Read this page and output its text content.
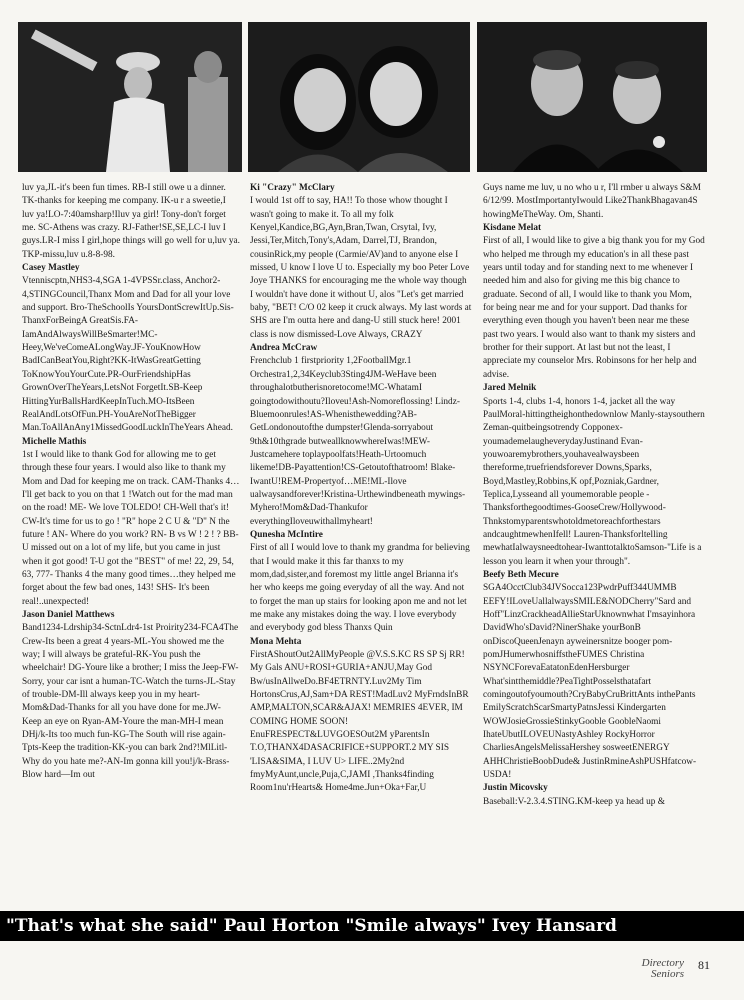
luv ya,JL-it's been fun times. RB-I still owe u a dinner. TK-thanks for keeping me company. IK-u r a sweetie,I luv ya!LO-7:40amsharp!Iluv ya girl! Tony-don't forget me. SC-Athens was crazy. RJ-Father!SE,SE,LC-I luv I guys.LR-I miss I girl,hope things will go well for u,luv ya. TKP-missu,luv u.8-8-98.
Casey Mastley
Vtennisсptn,NHS3-4,SGA 1-4VPSSr.class, Anchor2-4,STINGCouncil,Thanx Mom and Dad for all your love and support. Bro-TheSchoolIs YoursDontScrewItUp.Sis-ThanxForBeingA GreatSis.FA-IamAndAlwaysWillBeSmarter!MC-Heey,We'veComeALongWay.JF-YouKnowHow BadICanBeatYou,Right?KK-ItWasGreatGetting ToKnowYouYourCute.PR-OurFriendshipHas GrownOverTheYears,LetsNot ForgetIt.SB-Keep HittingYurBallsHardKeepInTuch.MO-ItsBeen RealAndLotsOfFun.PH-YouAreNotTheBigger Man.ToAllAnAny1MissedGoodLuckInTheYears Ahead.
Michelle Mathis
1st I would like to thank God for allowing me to get through these four years. I would also like to thank my Mom and Dad for keeping me on track. CAM-Thanks 4…I'll get back to you on that 1 !Watch out for the mad man on the road! ME- We love TOLEDO! CH-Well that's it! CW-It's time for us to go ! "R" hope 2 C U & "D" N the future ! AN- Where do you work? RN- B vs W ! 2 ! ? BB-U missed out on a lot of my life, but you came in just when it got good! T-U got the "BEST" of me! 22, 29, 54, 63, 777- Thanks 4 the many good times…they helped me forget about the few bad ones, 143! SHS- It's been real!..unexpected!
Jason Daniel Matthews
Band1234-Ldrship34-SctnLdr4-1st Proirity234-FCA4The Crew-Its been a great 4 years-ML-You showed me the way; I will always be grateful-RK-You push the wheelchair! DG-Youre like a brother; I miss the Jeep-FW-Sorry, your car isnt a human-TC-Watch the turns-JL-Stay of trouble-DM-Ill always keep you in my heart-Mom&Dad-Thanks for all you have done for me.JW-Keep an eye on Ryan-AM-Youre the man-MH-I mean DHj/k-Its too much fun-KG-The South will rise again-Tpts-Keep the tradition-KK-you can bark 2nd?!MlLitl-Why do you hate me?-AN-Im gonna kill you!j/k-Brass-Blow hard—Im out
Ki "Crazy" McClary
I would 1st off to say, HA!! To those whow thought I wasn't going to make it. To all my folk Kenyel,Kandice,BG,Ayn,Bran,Twan, Crsytal, Ivy, Jessi,Ter,Mitch,Tony's,Adam, Darrel,TJ, Brandon, cousinRick,my people (Carmie/AV)and to anyone else I missed, U know I love U to. Especially my boo Peter Love Joye THANKS for encouraging me the whole way though I wouldn't have done it without U, alos "Let's get married baby, "BET! C/O 02 keep it cruck always. My last words at SHS are I'm outta here and dang-U still stuck here! 2001 class is now dismissed-Love Always, CRAZY
Andrea McCraw
Frenchclub 1 firstpriority 1,2FootballMgr.1 Orchestra1,2,34Keyclub3Sting4JM-WeHave been throughalotbutherisnoretocome!MC-WhatamI goingtodowithoutu?Iloveu!Ash-Nomoreflossing! Lindz-Bluemoonrules!AS-Whenisthewedding?AB-GetLondonoutofthe dumpster!Glenda-sorryabout 9th&10thgrade butweallknowwhereIwas!MEW-Justcamehere toplaypoolfats!Heath-Urtoomuch likeme!DB-Payattention!CS-Getoutofthatroom! Blake-IwantU!REM-Propertyof…ME!ML-Ilove ualwaysandforever!Kristina-Urthewindbeneath mywings-Myhero!Mom&Dad-Thankufor everythingIloveuwithallmyheart!
Qunesha McIntire
First of all I would love to thank my grandma for believing that I would make it this far thanxs to my mom,dad,sister,and foremost my little angel Brianna it's her who keeps me going everyday of all the way. And not to forget the man up stairs for looking apon me and not let me make any mistakes doing the way. I love everybody and everybody god bless Thanxs Quin
Mona Mehta
FirstAShoutOut2AllMyPeople @V.S.S.KC RS SP Sj RR! My Gals ANU+ROSI+GURIA+ANJU,May God Bw/usInAllweDo.BF4ETRNTY.Luv2My Tim HortonsCrus,AJ,Sam+DA REST!MadLuv2 MyFrndsInBR AMP,MALTON,SCAR&AJAX! MEMRIES 4EVER, IM COMING HOME SOON! EnuFRESPECT&LUVGOESOut2M yParentsIn T.O,THANX4DASACRIFICE+SUPPORT.2 MY SIS 'LISA&SIMA, I LUV U> LIFE..2My2nd fmyMyAunt,uncle,Puja,C,JAMI ,Thanks4finding Room1nu'rHearts& Home4me.Jun+Oka+Far,U
Guys name me luv, u no who u r, I'll rmber u always S&M 6/12/99. MostImportantyIwould Like2ThankBhagavan4S howingMeTheWay. Om, Shanti.
Kisdane Melat
First of all, I would like to give a big thank you for my God who helped me through my education's in all these past years until today and for standing next to me whenever I needed him and also for giving me this big chance to graduate. Second of all, I would like to thank you Mom, for being near me and for your support. Dad thanks for everything even though you haven't been near me these past two years. I would also want to thank my sisters and brother for their support. At last but not the least, I appreciate my counselor Mrs. Robinsons for her help and advise.
Jared Melnik
Sports 1-4, clubs 1-4, honors 1-4, jacket all the way PaulMoral-hittingtheighonthedownlow Manly-staysouthern Zeman-quitbeingsotrendy Copponex-youmademelaugheverydayJustinand Evan- youwoaremybrothers,youhavealwaysbeen thereforme,truefriendsforever Downs,Sparks, Boyd,Mastley,Robbins,K opf,Pozniak,Gardner, Teplica,Lysseand all youmemorable people -Thanksforthegoodtimes-GooseCrew/Hollywood-Thnkstomyparentswhotoldmetoreachforthestars andcaughtmewhenIfell! Lauren-Thanksforltelling mewhatIalwaysneedtohear-IwanttotalktoSamson-"Life is a lesson you learn it when your through".
Beefy Beth Mecure
SGA4OcctClub34JVSocca123PwdrPuff344UMMB EEFY!ILoveUallalwaysSMILE&NODCherry"Sard and Hoff"LinzCrackheadAllieStarUknownwhat I'msayinhora DavidWho'sDavid?NinerShake yourBonB onDiscoQueenJenayn ayweinersnitze booger pom-pomJHumerwhosniffstheFUMES Christina NSYNCForevaEatatonEdenHersburger What'sintthemiddle?PeaTightPosselsthatafart comingoutofyoumouth?CryBabyCruBrittAnts inthePants EmilyScratchScarSmartyPatnsJessi Kindergarten WOWJosieGrossieStinkyGooble GoobleNaomi IhateUbutILOVEUNastyAshley RockyHorror CharliesAngelsMelissaHershey sosweetENERGY AHHChristieBoobDude& JustinRmineAshPUSHfatcow-USDA!
Justin Micovsky
Baseball:V-2.3.4.STING.KM-keep ya head up &
"That's what she said" Paul Horton "Smile always" Ivey Hansard
Directory
Seniors
81
